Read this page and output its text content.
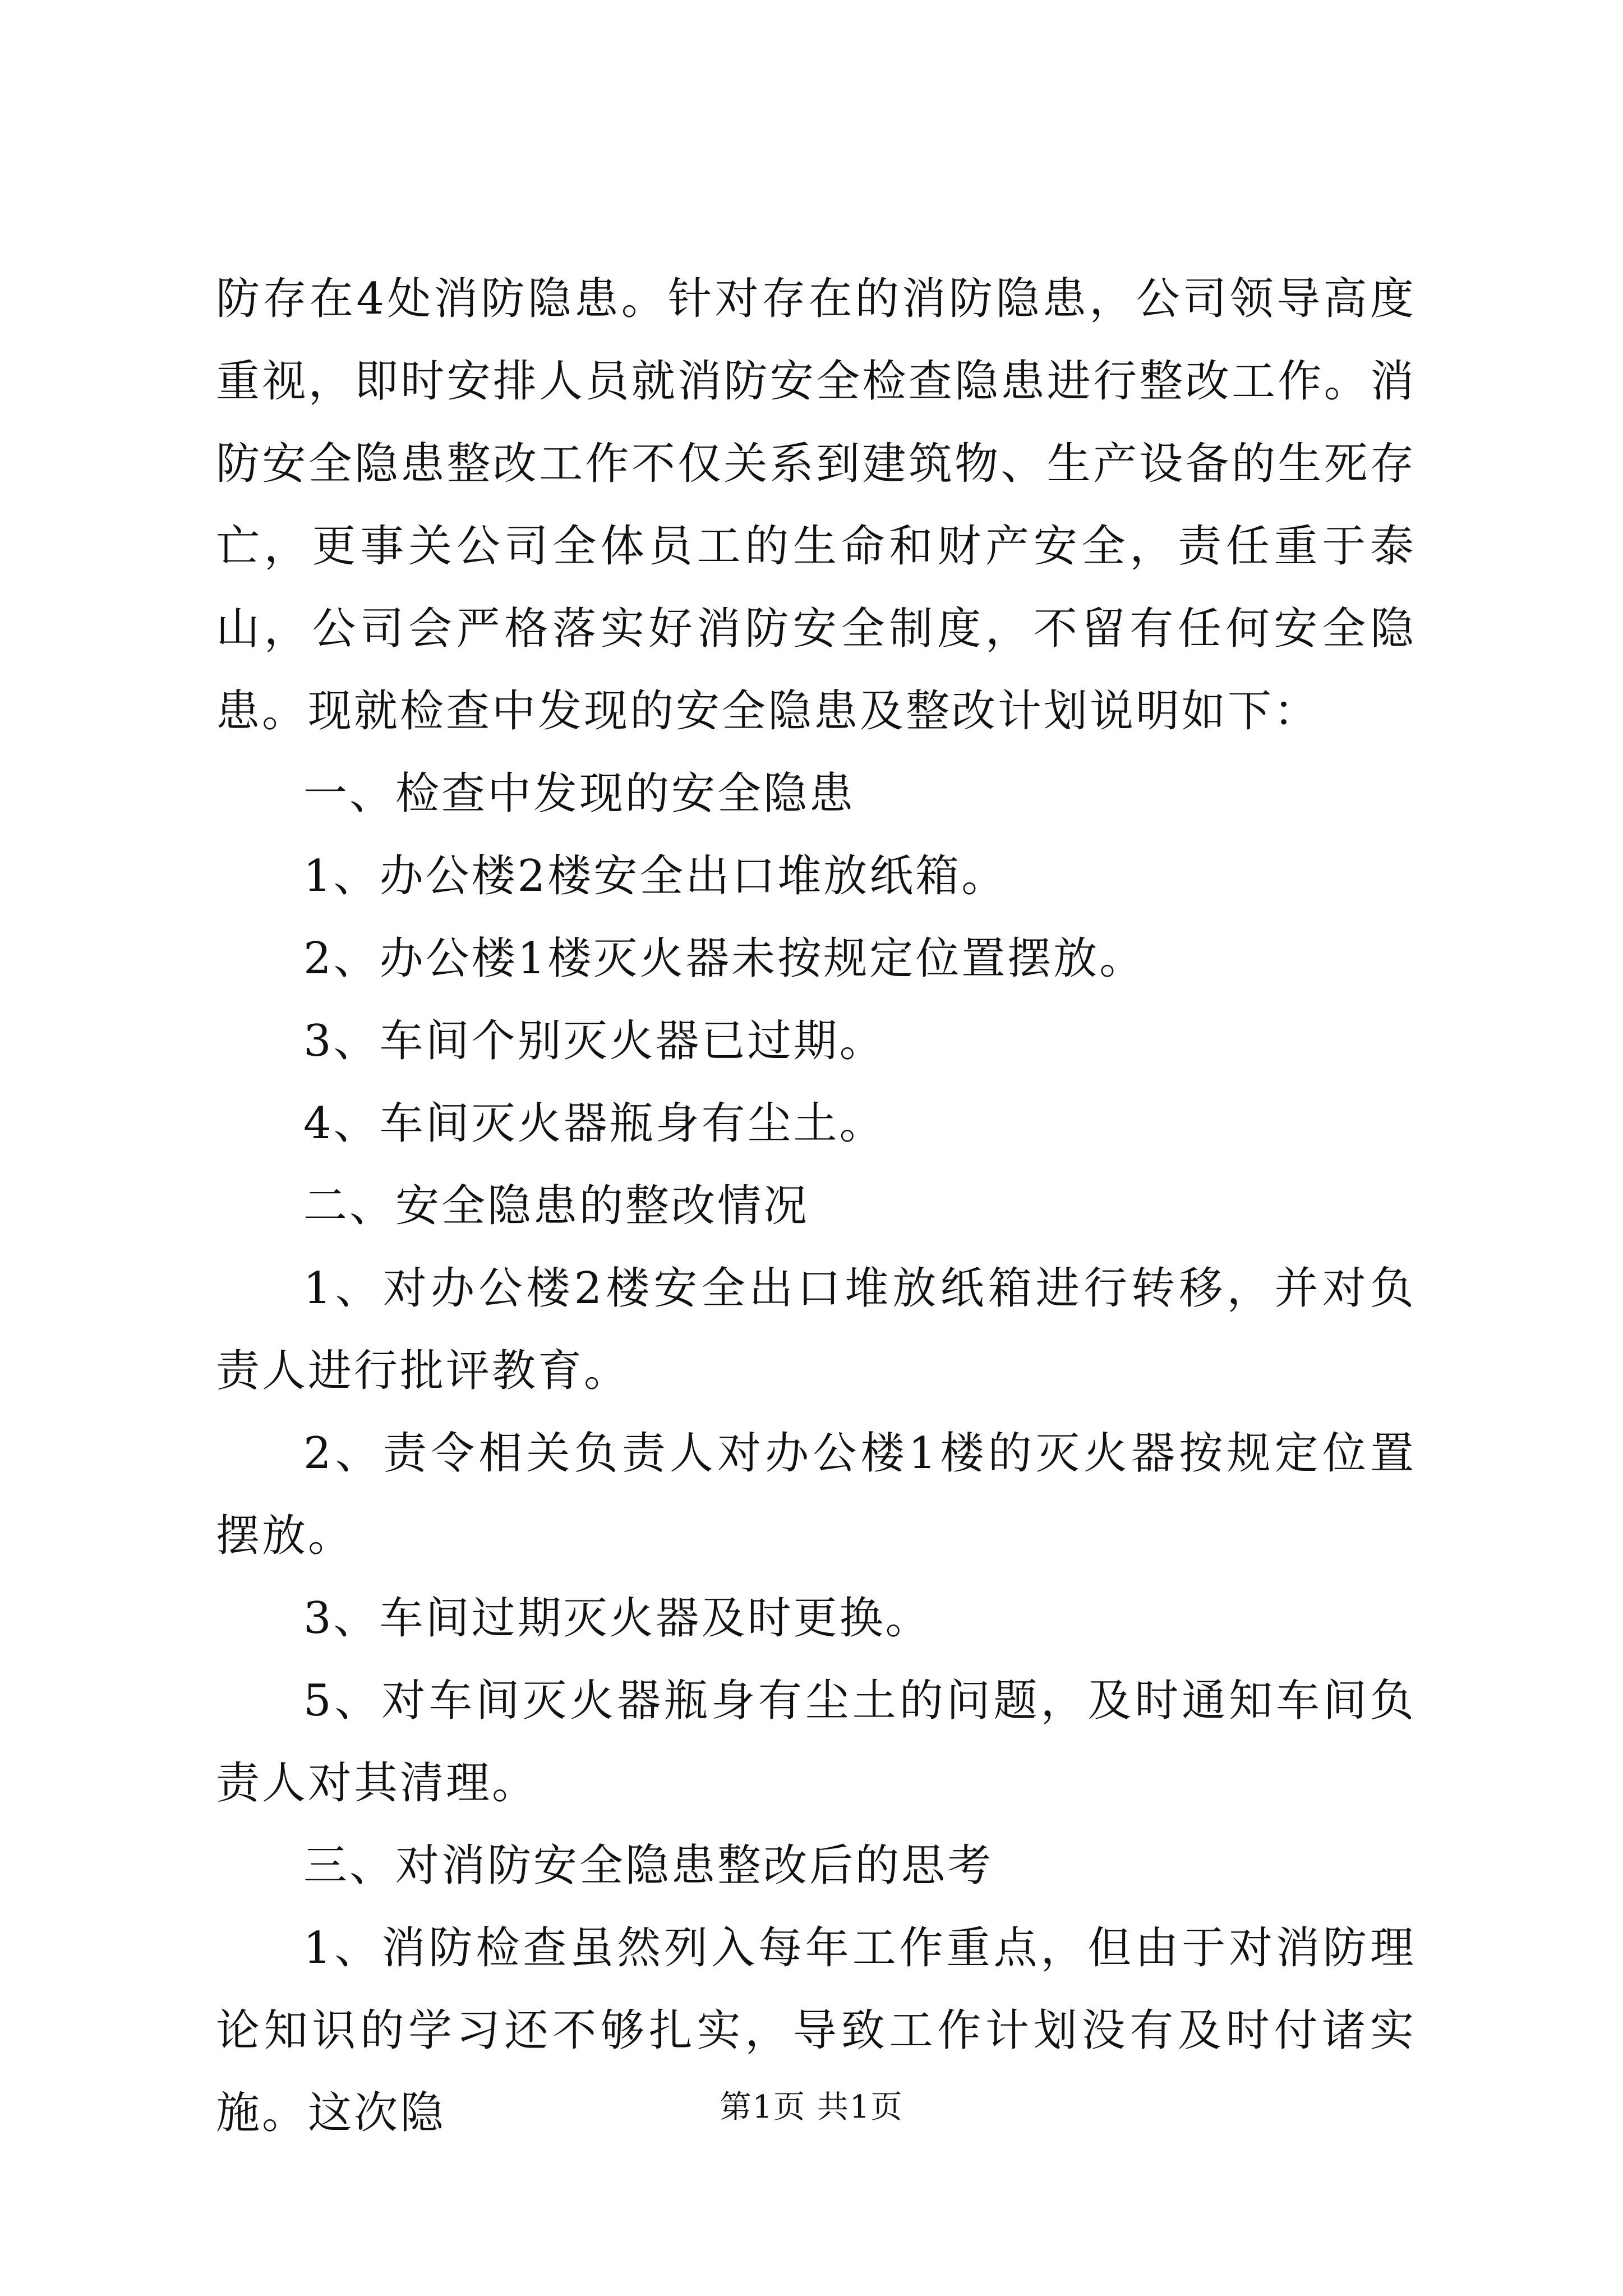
防存在4处消防隐患。针对存在的消防隐患，公司领导高度重视，即时安排人员就消防安全检查隐患进行整改工作。消防安全隐患整改工作不仅关系到建筑物、生产设备的生死存亡，更事关公司全体员工的生命和财产安全，责任重于泰山，公司会严格落实好消防安全制度，不留有任何安全隐患。现就检查中发现的安全隐患及整改计划说明如下：

一、检查中发现的安全隐患

1、办公楼2楼安全出口堆放纸箱。

2、办公楼1楼灭火器未按规定位置摆放。

3、车间个别灭火器已过期。

4、车间灭火器瓶身有尘土。

二、安全隐患的整改情况

1、对办公楼2楼安全出口堆放纸箱进行转移，并对负责人进行批评教育。

2、责令相关负责人对办公楼1楼的灭火器按规定位置摆放。

3、车间过期灭火器及时更换。

5、对车间灭火器瓶身有尘土的问题，及时通知车间负责人对其清理。

三、对消防安全隐患整改后的思考

1、消防检查虽然列入每年工作重点，但由于对消防理论知识的学习还不够扎实，导致工作计划没有及时付诸实施。这次隐	第1页 共1页
